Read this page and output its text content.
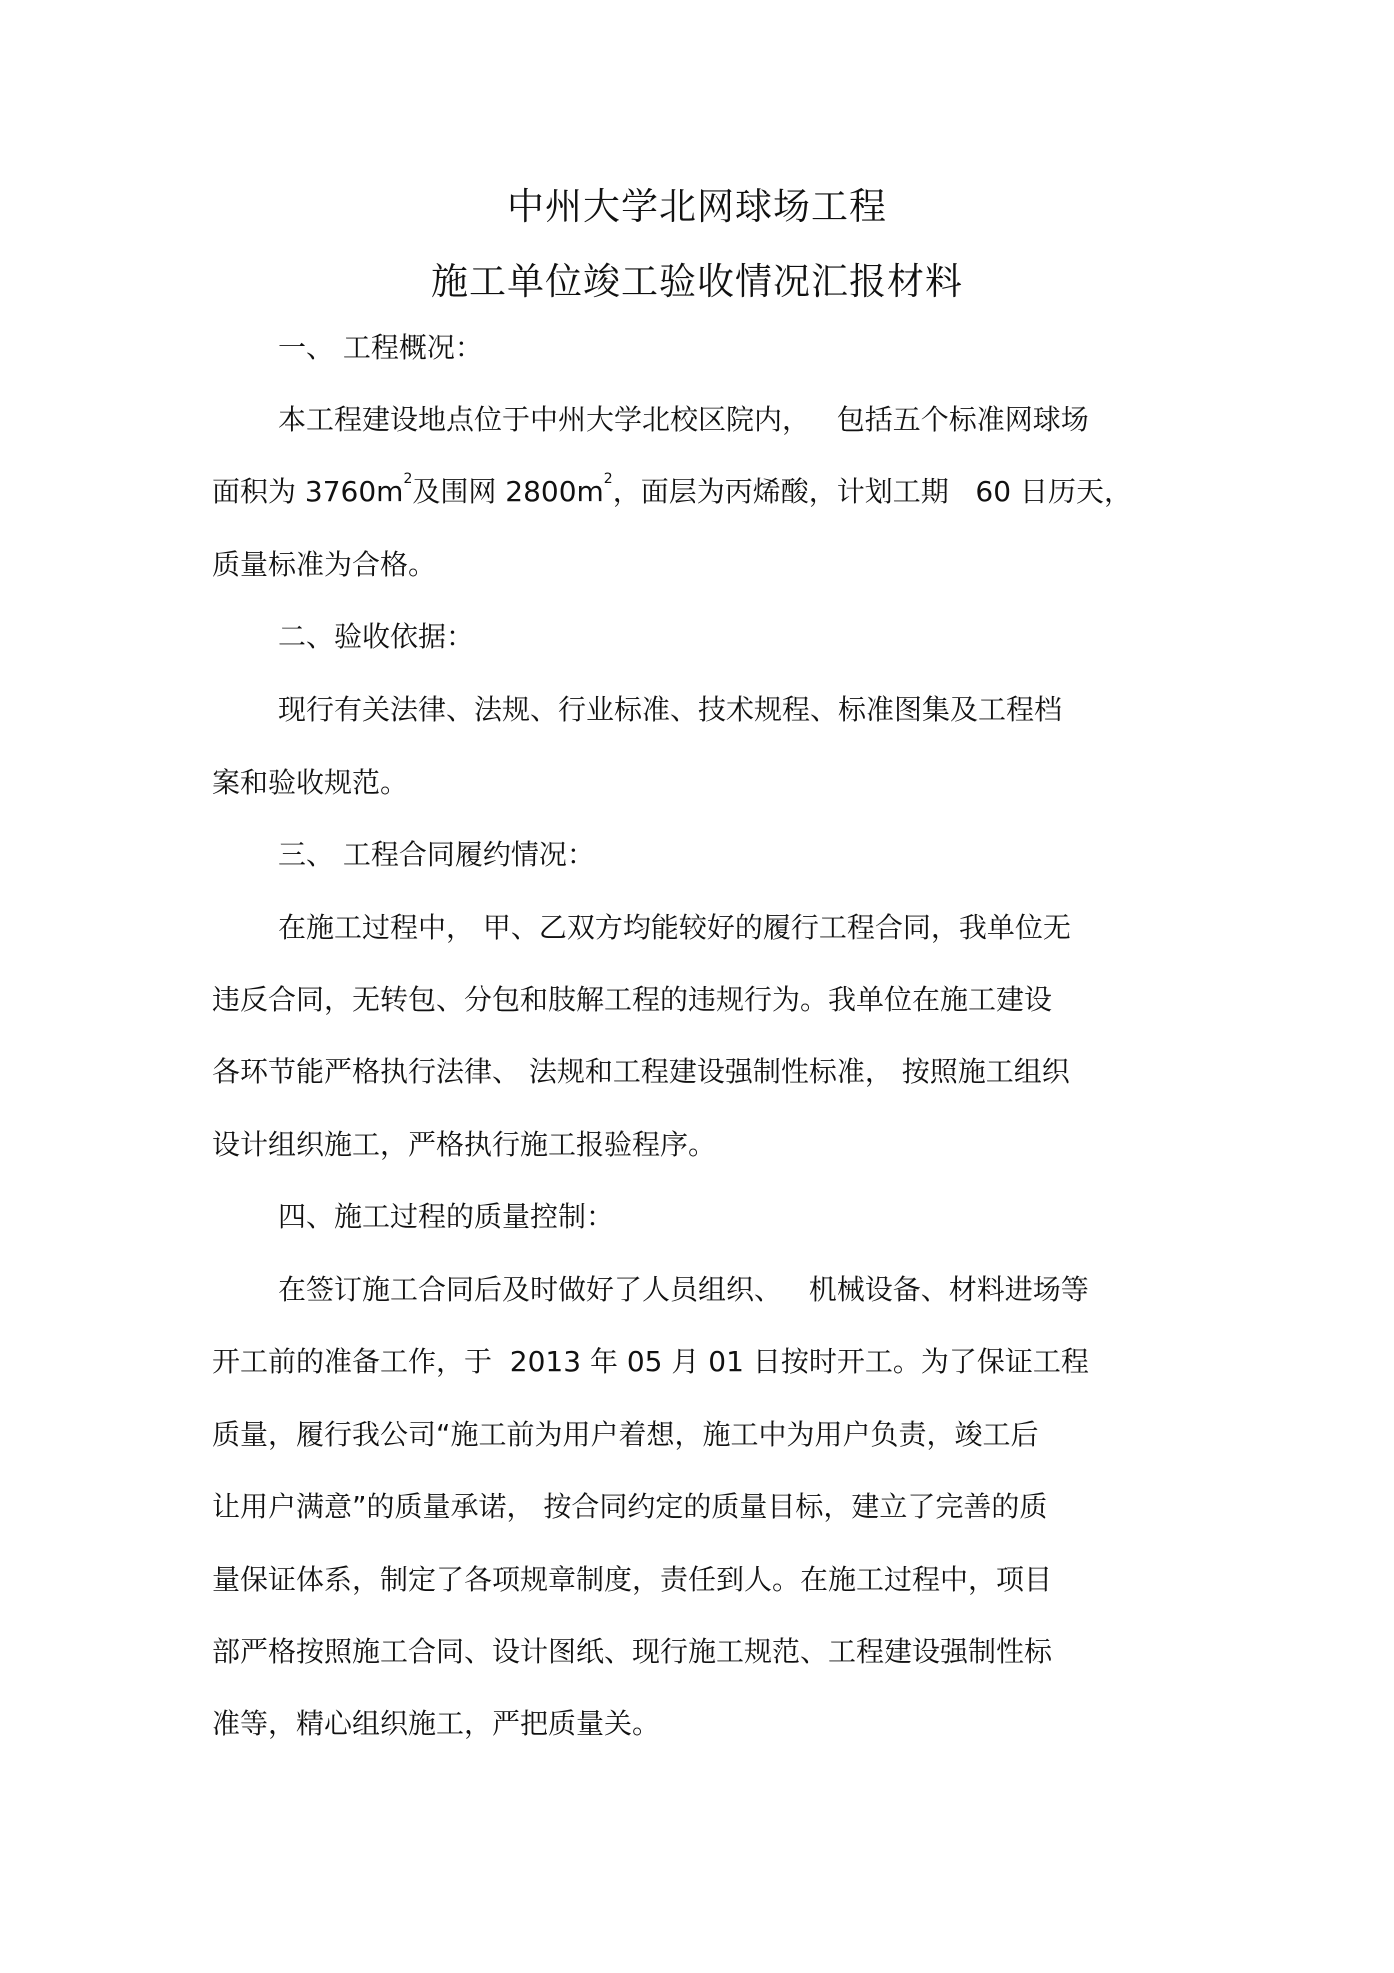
中州大学北网球场工程
施工单位竣工验收情况汇报材料
一、 工程概况：
本工程建设地点位于中州大学北校区院内，   包括五个标准网球场
面积为 $3760m^2$及围网 $2800m^2$，面层为丙烯酸，计划工期   60 日历天，
质量标准为合格。
二、验收依据：
现行有关法律、法规、行业标准、技术规程、标准图集及工程档
案和验收规范。
三、 工程合同履约情况：
在施工过程中， 甲、乙双方均能较好的履行工程合同，我单位无
违反合同，无转包、分包和肢解工程的违规行为。我单位在施工建设
各环节能严格执行法律、 法规和工程建设强制性标准， 按照施工组织
设计组织施工，严格执行施工报验程序。
四、施工过程的质量控制：
在签订施工合同后及时做好了人员组织、   机械设备、材料进场等
开工前的准备工作，于  2013 年 05 月 01 日按时开工。为了保证工程
质量，履行我公司“施工前为用户着想，施工中为用户负责，竣工后
让用户满意”的质量承诺， 按合同约定的质量目标，建立了完善的质
量保证体系，制定了各项规章制度，责任到人。在施工过程中，项目
部严格按照施工合同、设计图纸、现行施工规范、工程建设强制性标
准等，精心组织施工，严把质量关。
